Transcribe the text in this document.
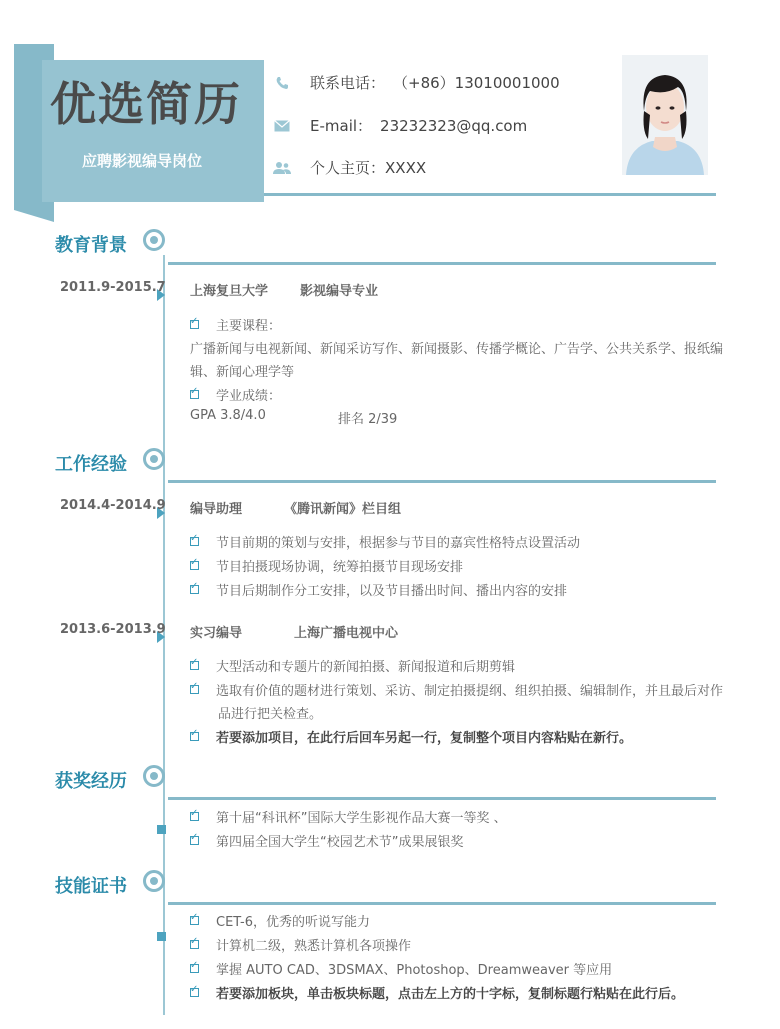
优选简历
应聘影视编导岗位
联系电话： （+86）13010001000
E-mail： 23232323@qq.com
个人主页： XXXX
教育背景
2011.9-2015.7 上海复旦大学 影视编导专业
✓
主要课程：
广播新闻与电视新闻、新闻采访写作、新闻摄影、传播学概论、广告学、公共关系学、报纸编
辑、新闻心理学等
✓
学业成绩：
GPA 3.8/4.0	排名 2/39
工作经验
2014.4-2014.9 编导助理	《腾讯新闻》栏目组
✓
节目前期的策划与安排，根据参与节目的嘉宾性格特点设置活动
✓
节目拍摄现场协调，统筹拍摄节目现场安排
✓
节目后期制作分工安排，以及节目播出时间、播出内容的安排
2013.6-2013.9 实习编导	上海广播电视中心
✓
大型活动和专题片的新闻拍摄、新闻报道和后期剪辑
✓
选取有价值的题材进行策划、采访、制定拍摄提纲、组织拍摄、编辑制作，并且最后对作
品进行把关检查。
✓
若要添加项目，在此行后回车另起一行，复制整个项目内容粘贴在新行。
获奖经历
✓
第十届“科讯杯”国际大学生影视作品大赛一等奖 、
✓
第四届全国大学生“校园艺术节”成果展银奖
技能证书
✓
CET-6，优秀的听说写能力
✓
计算机二级，熟悉计算机各项操作
✓
掌握 AUTO CAD、3DSMAX、Photoshop、Dreamweaver 等应用
✓
若要添加板块，单击板块标题，点击左上方的十字标，复制标题行粘贴在此行后。
